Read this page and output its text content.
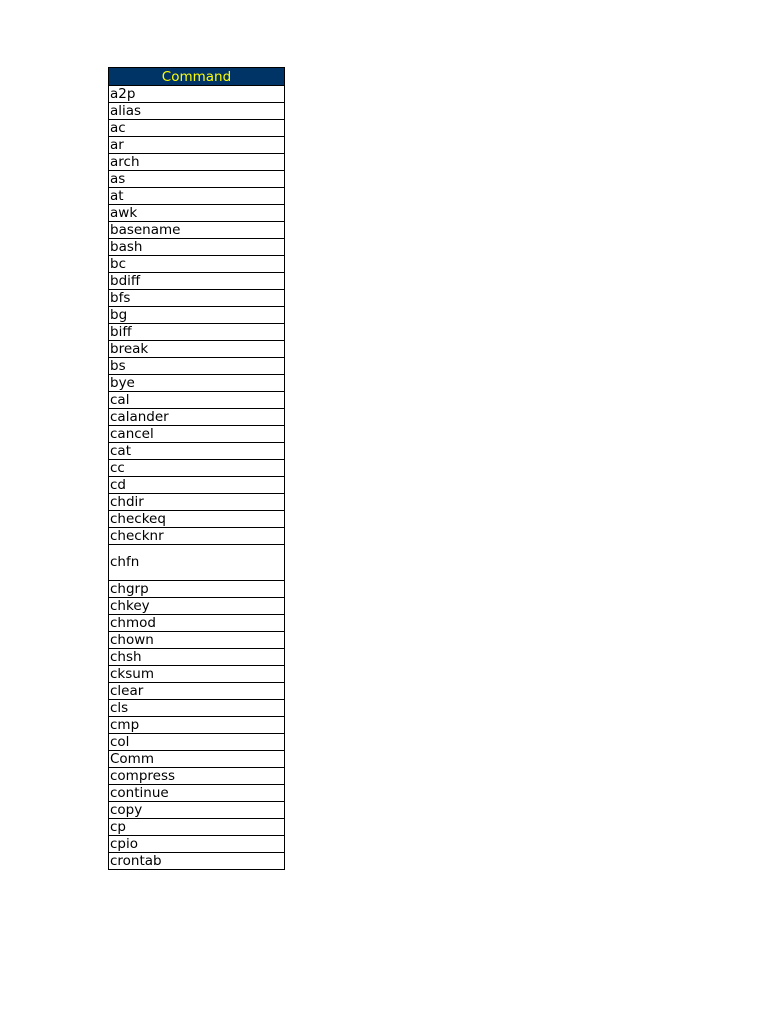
Command
a2p
alias
ac
ar
arch
as
at
awk
basename
bash
bc
bdiff
bfs
bg
biff
break
bs
bye
cal
calander
cancel
cat
cc
cd
chdir
checkeq
checknr
chfn
chgrp
chkey
chmod
chown
chsh
cksum
clear
cls
cmp
col
Comm
compress
continue
copy
cp
cpio
crontab
